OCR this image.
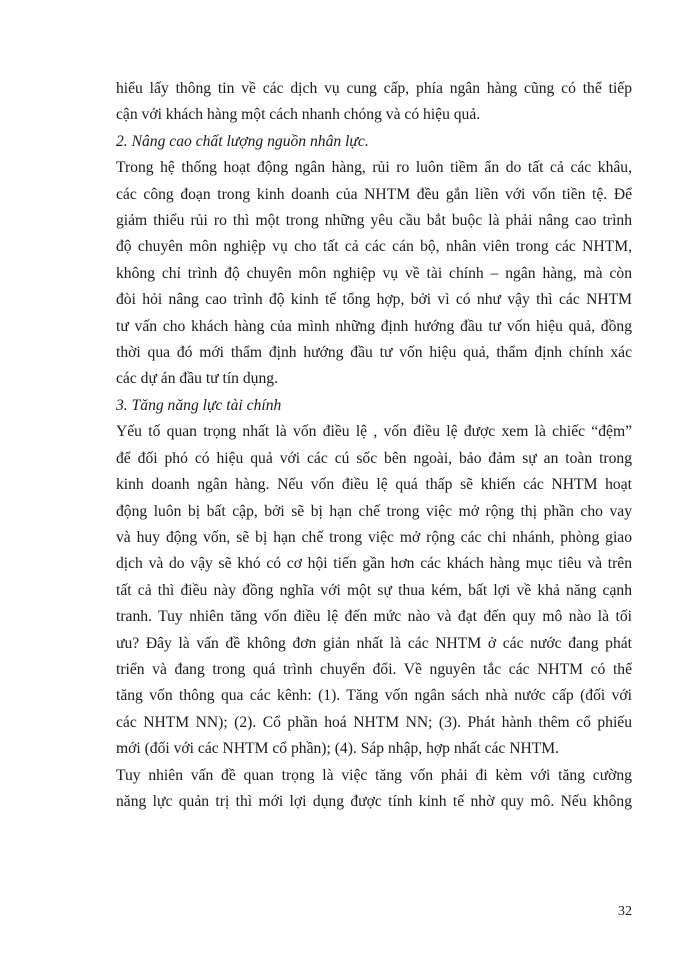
hiểu lấy thông tin về các dịch vụ cung cấp, phía ngân hàng cũng có thể tiếp
cận với khách hàng một cách nhanh chóng và có hiệu quả.

2. Nâng cao chất lượng nguồn nhân lực.

Trong hệ thống hoạt động ngân hàng, rủi ro luôn tiềm ẩn do tất cả các khâu,
các công đoạn trong kinh doanh của NHTM đều gắn liền với vốn tiền tệ. Để
giảm thiểu rủi ro thì một trong những yêu cầu bắt buộc là phải nâng cao trình
độ chuyên môn nghiệp vụ cho tất cả các cán bộ, nhân viên trong các NHTM,
không chỉ trình độ chuyên môn nghiệp vụ về tài chính – ngân hàng, mà còn
đòi hỏi nâng cao trình độ kinh tế tổng hợp, bởi vì có như vậy thì các NHTM
tư vấn cho khách hàng của mình những định hướng đầu tư vốn hiệu quả, đồng
thời qua đó mới thẩm định hướng đầu tư vốn hiệu quả, thẩm định chính xác
các dự án đầu tư tín dụng.

3. Tăng năng lực tài chính

Yếu tố quan trọng nhất là vốn điều lệ , vốn điều lệ được xem là chiếc “đệm”
để đối phó có hiệu quả với các cú sốc bên ngoài, bảo đảm sự an toàn trong
kinh doanh ngân hàng. Nếu vốn điều lệ quá thấp sẽ khiến các NHTM hoạt
động luôn bị bất cập, bởi sẽ bị hạn chế trong việc mở rộng thị phần cho vay
và huy động vốn, sẽ bị hạn chế trong việc mở rộng các chi nhánh, phòng giao
dịch và do vậy sẽ khó có cơ hội tiến gần hơn các khách hàng mục tiêu và trên
tất cả thì điều này đồng nghĩa với một sự thua kém, bất lợi về khả năng cạnh
tranh. Tuy nhiên tăng vốn điều lệ đến mức nào và đạt đến quy mô nào là tối
ưu? Đây là vấn đề không đơn giản nhất là các NHTM ở các nước đang phát
triển và đang trong quá trình chuyển đổi. Về nguyên tắc các NHTM có thể
tăng vốn thông qua các kênh: (1). Tăng vốn ngân sách nhà nước cấp (đối với
các NHTM NN); (2). Cổ phần hoá NHTM NN; (3). Phát hành thêm cổ phiếu
mới (đối với các NHTM cổ phần); (4). Sáp nhập, hợp nhất các NHTM.

Tuy nhiên vấn đề quan trọng là việc tăng vốn phải đi kèm với tăng cường
năng lực quản trị thì mới lợi dụng được tính kinh tế nhờ quy mô. Nếu không

32
